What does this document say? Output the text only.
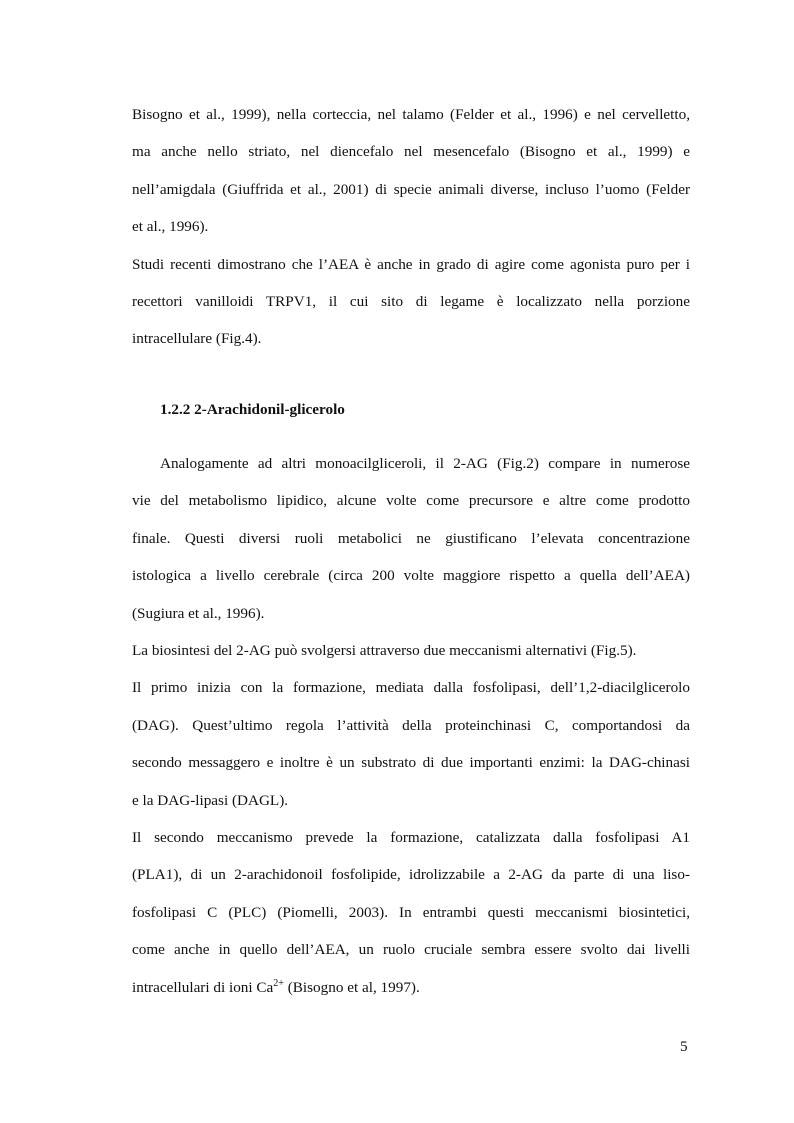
Bisogno et al., 1999), nella corteccia, nel talamo (Felder et al., 1996) e nel cervelletto,

ma anche nello striato, nel diencefalo nel mesencefalo (Bisogno et al., 1999) e

nell’amigdala (Giuffrida et al., 2001) di specie animali diverse, incluso l’uomo (Felder

et al., 1996).

Studi recenti dimostrano che l’AEA è anche in grado di agire come agonista puro per i

recettori vanilloidi TRPV1, il cui sito di legame è localizzato nella porzione

intracellulare (Fig.4).

1.2.2 2-Arachidonil-glicerolo

Analogamente ad altri monoacilgliceroli, il 2-AG (Fig.2) compare in numerose

vie del metabolismo lipidico, alcune volte come precursore e altre come prodotto

finale. Questi diversi ruoli metabolici ne giustificano l’elevata concentrazione

istologica a livello cerebrale (circa 200 volte maggiore rispetto a quella dell’AEA)

(Sugiura et al., 1996).

La biosintesi del 2-AG può svolgersi attraverso due meccanismi alternativi (Fig.5).

Il primo inizia con la formazione, mediata dalla fosfolipasi, dell’1,2-diacilglicerolo

(DAG). Quest’ultimo regola l’attività della proteinchinasi C, comportandosi da

secondo messaggero e inoltre è un substrato di due importanti enzimi: la DAG-chinasi

e la DAG-lipasi (DAGL).

Il secondo meccanismo prevede la formazione, catalizzata dalla fosfolipasi A1

(PLA1), di un 2-arachidonoil fosfolipide, idrolizzabile a 2-AG da parte di una liso-

fosfolipasi C (PLC) (Piomelli, 2003). In entrambi questi meccanismi biosintetici,

come anche in quello dell’AEA, un ruolo cruciale sembra essere svolto dai livelli

intracellulari di ioni $Ca^{2+}$ (Bisogno et al, 1997).

5
